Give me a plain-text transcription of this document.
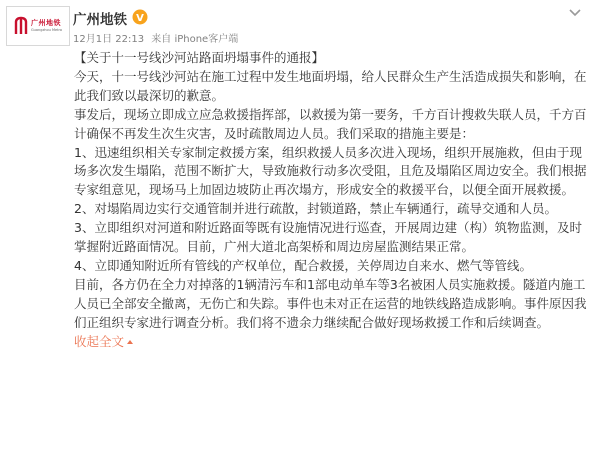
广州地铁
Guangzhou Metro
广州地铁 V
12月1日 22:13 来自 iPhone客户端

【关于十一号线沙河站路面坍塌事件的通报】

今天，十一号线沙河站在施工过程中发生地面坍塌，给人民群众生产生活造成损失和影响，在此我们致以最深切的歉意。

事发后，现场立即成立应急救援指挥部，以救援为第一要务，千方百计搜救失联人员，千方百计确保不再发生次生灾害，及时疏散周边人员。我们采取的措施主要是：

1、迅速组织相关专家制定救援方案，组织救援人员多次进入现场，组织开展施救，但由于现场多次发生塌陷，范围不断扩大，导致施救行动多次受阻，且危及塌陷区周边安全。我们根据专家组意见，现场马上加固边坡防止再次塌方，形成安全的救援平台，以便全面开展救援。

2、对塌陷周边实行交通管制并进行疏散，封锁道路，禁止车辆通行，疏导交通和人员。

3、立即组织对河道和附近路面等既有设施情况进行巡查，开展周边建（构）筑物监测，及时掌握附近路面情况。目前，广州大道北高架桥和周边房屋监测结果正常。

4、立即通知附近所有管线的产权单位，配合救援，关停周边自来水、燃气等管线。

目前，各方仍在全力对掉落的1辆清污车和1部电动单车等3名被困人员实施救援。隧道内施工人员已全部安全撤离，无伤亡和失踪。事件也未对正在运营的地铁线路造成影响。事件原因我们正组织专家进行调查分析。我们将不遗余力继续配合做好现场救援工作和后续调查。 收起全文
